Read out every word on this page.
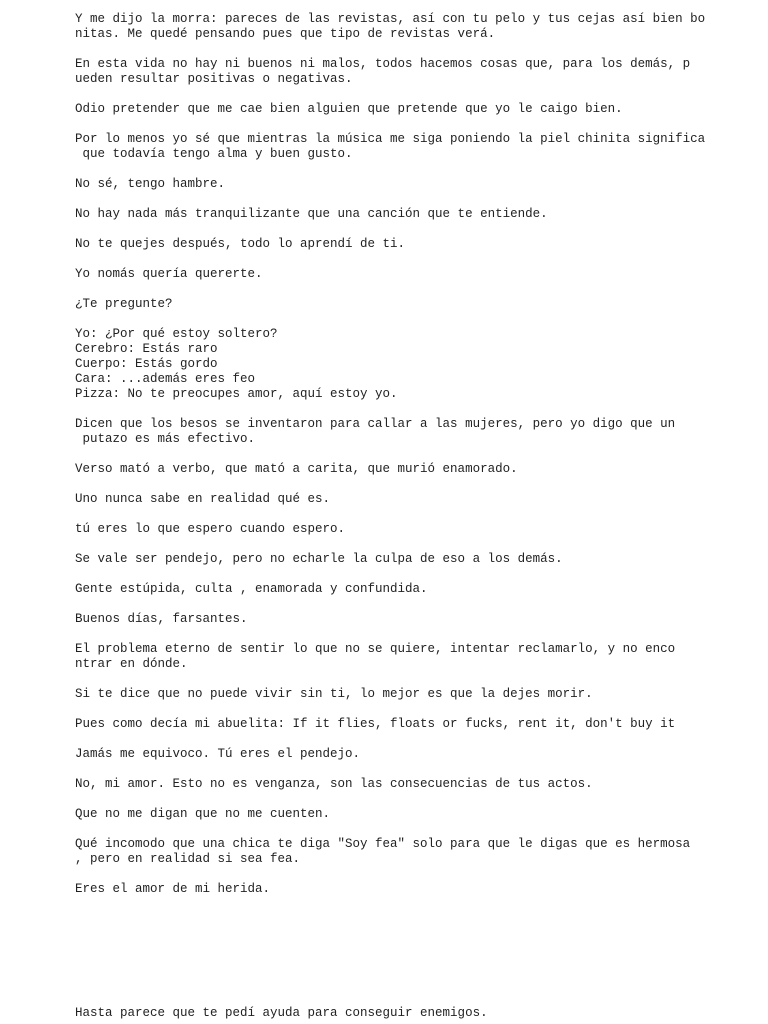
Y me dijo la morra: pareces de las revistas, así con tu pelo y tus cejas así bien bo
nitas. Me quedé pensando pues que tipo de revistas verá.

En esta vida no hay ni buenos ni malos, todos hacemos cosas que, para los demás, p
ueden resultar positivas o negativas.

Odio pretender que me cae bien alguien que pretende que yo le caigo bien.

Por lo menos yo sé que mientras la música me siga poniendo la piel chinita significa
que todavía tengo alma y buen gusto.

No sé, tengo hambre.

No hay nada más tranquilizante que una canción que te entiende.

No te quejes después, todo lo aprendí de ti.

Yo nomás quería quererte.

¿Te pregunte?

Yo: ¿Por qué estoy soltero?
Cerebro: Estás raro
Cuerpo: Estás gordo
Cara: ...además eres feo
Pizza: No te preocupes amor, aquí estoy yo.

Dicen que los besos se inventaron para callar a las mujeres, pero yo digo que un
putazo es más efectivo.

Verso mató a verbo, que mató a carita, que murió enamorado.

Uno nunca sabe en realidad qué es.

tú eres lo que espero cuando espero.

Se vale ser pendejo, pero no echarle la culpa de eso a los demás.

Gente estúpida, culta , enamorada y confundida.

Buenos días, farsantes.

El problema eterno de sentir lo que no se quiere, intentar reclamarlo, y no enco
ntrar en dónde.

Si te dice que no puede vivir sin ti, lo mejor es que la dejes morir.

Pues como decía mi abuelita: If it flies, floats or fucks, rent it, don't buy it

Jamás me equivoco. Tú eres el pendejo.

No, mi amor. Esto no es venganza, son las consecuencias de tus actos.

Que no me digan que no me cuenten.

Qué incomodo que una chica te diga "Soy fea" solo para que le digas que es hermosa
, pero en realidad si sea fea.

Eres el amor de mi herida.

Hasta parece que te pedí ayuda para conseguir enemigos.
